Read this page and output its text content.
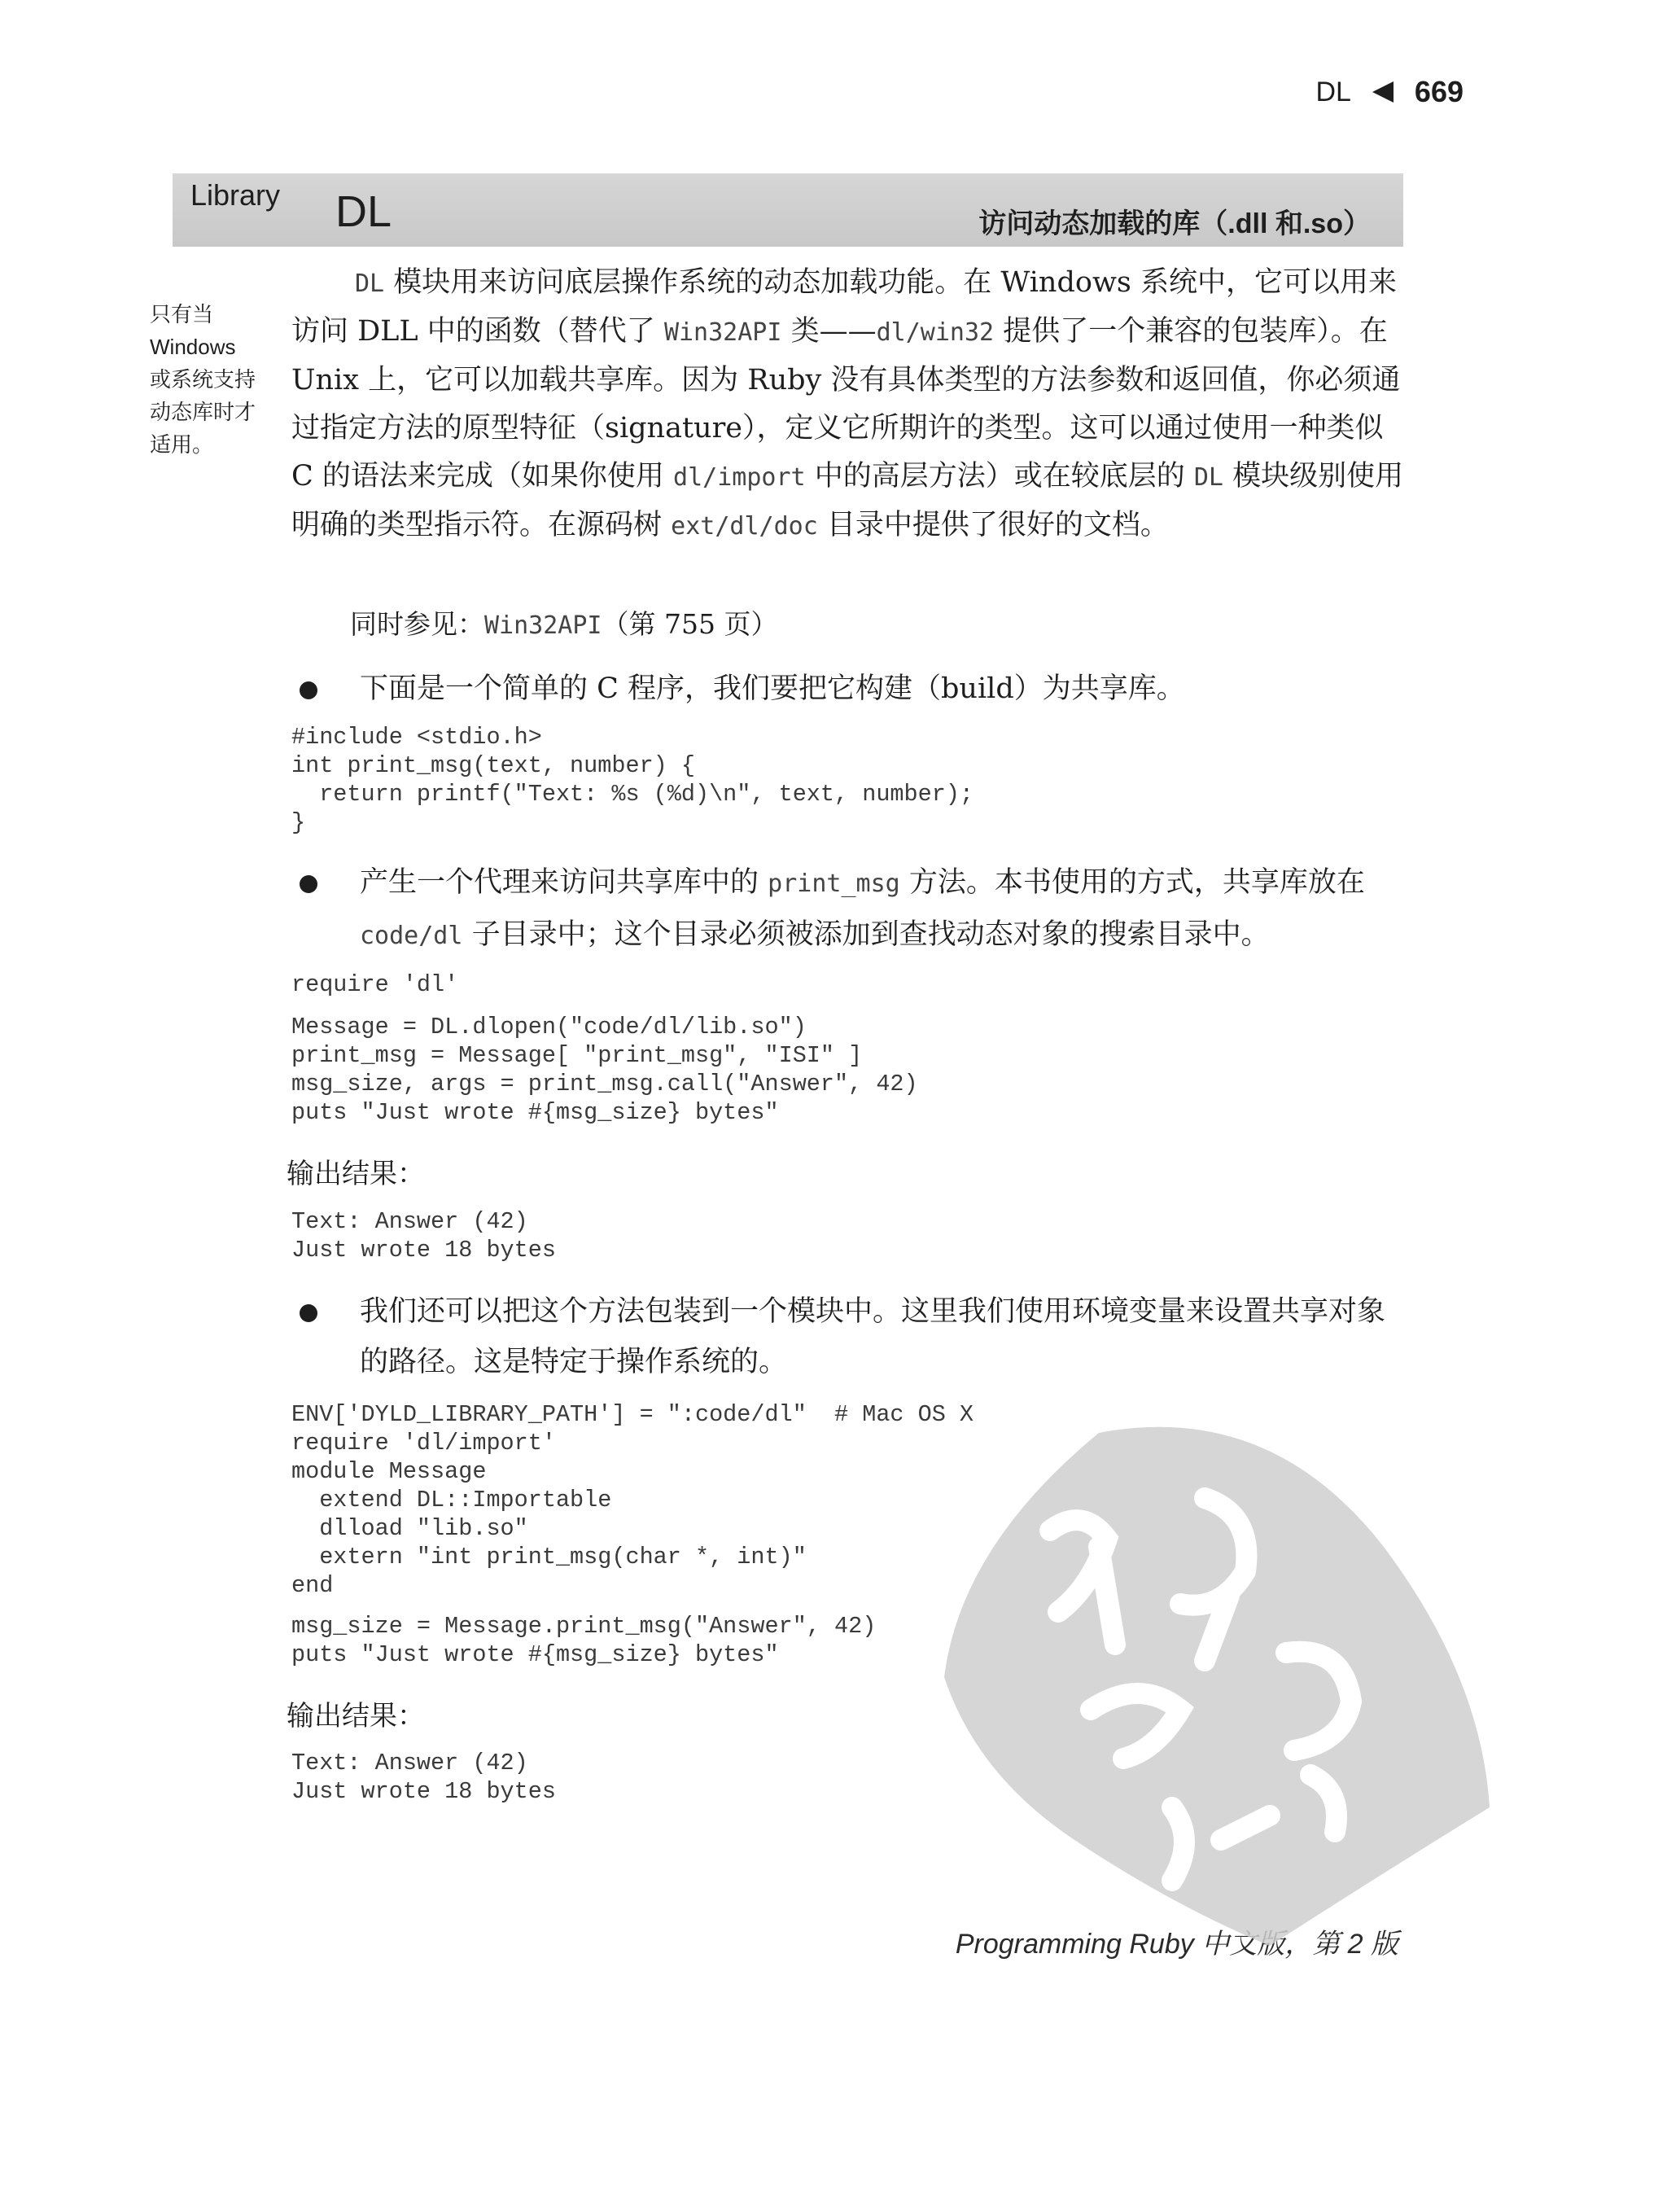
DL 669
Library DL	访问动态加载的库（.dll 和.so）
只有当
Windows
或系统支持
动态库时才
适用。

DL 模块用来访问底层操作系统的动态加载功能。在 Windows 系统中，它可以用来访问 DLL 中的函数（替代了 Win32API 类——dl/win32 提供了一个兼容的包装库）。在 Unix 上，它可以加载共享库。因为 Ruby 没有具体类型的方法参数和返回值，你必须通过指定方法的原型特征（signature），定义它所期许的类型。这可以通过使用一种类似 C 的语法来完成（如果你使用 dl/import 中的高层方法）或在较底层的 DL 模块级别使用明确的类型指示符。在源码树 ext/dl/doc 目录中提供了很好的文档。

同时参见：Win32API（第 755 页）

下面是一个简单的 C 程序，我们要把它构建（build）为共享库。

#include <stdio.h>
int print_msg(text, number) {
return printf("Text: %s (%d)\n", text, number);
}

产生一个代理来访问共享库中的 print_msg 方法。本书使用的方式，共享库放在 code/dl 子目录中；这个目录必须被添加到查找动态对象的搜索目录中。

require 'dl'
Message = DL.dlopen("code/dl/lib.so")
print_msg = Message[ "print_msg", "ISI" ]
msg_size, args = print_msg.call("Answer", 42)
puts "Just wrote #{msg_size} bytes"
输出结果：
Text: Answer (42)
Just wrote 18 bytes

我们还可以把这个方法包装到一个模块中。这里我们使用环境变量来设置共享对象的路径。这是特定于操作系统的。

ENV['DYLD_LIBRARY_PATH'] = ":code/dl"  # Mac OS X
require 'dl/import'
module Message
extend DL::Importable
dlload "lib.so"
extern "int print_msg(char *, int)"
end
msg_size = Message.print_msg("Answer", 42)
puts "Just wrote #{msg_size} bytes"
输出结果：
Text: Answer (42)
Just wrote 18 bytes
Programming Ruby 中文版，第 2 版
